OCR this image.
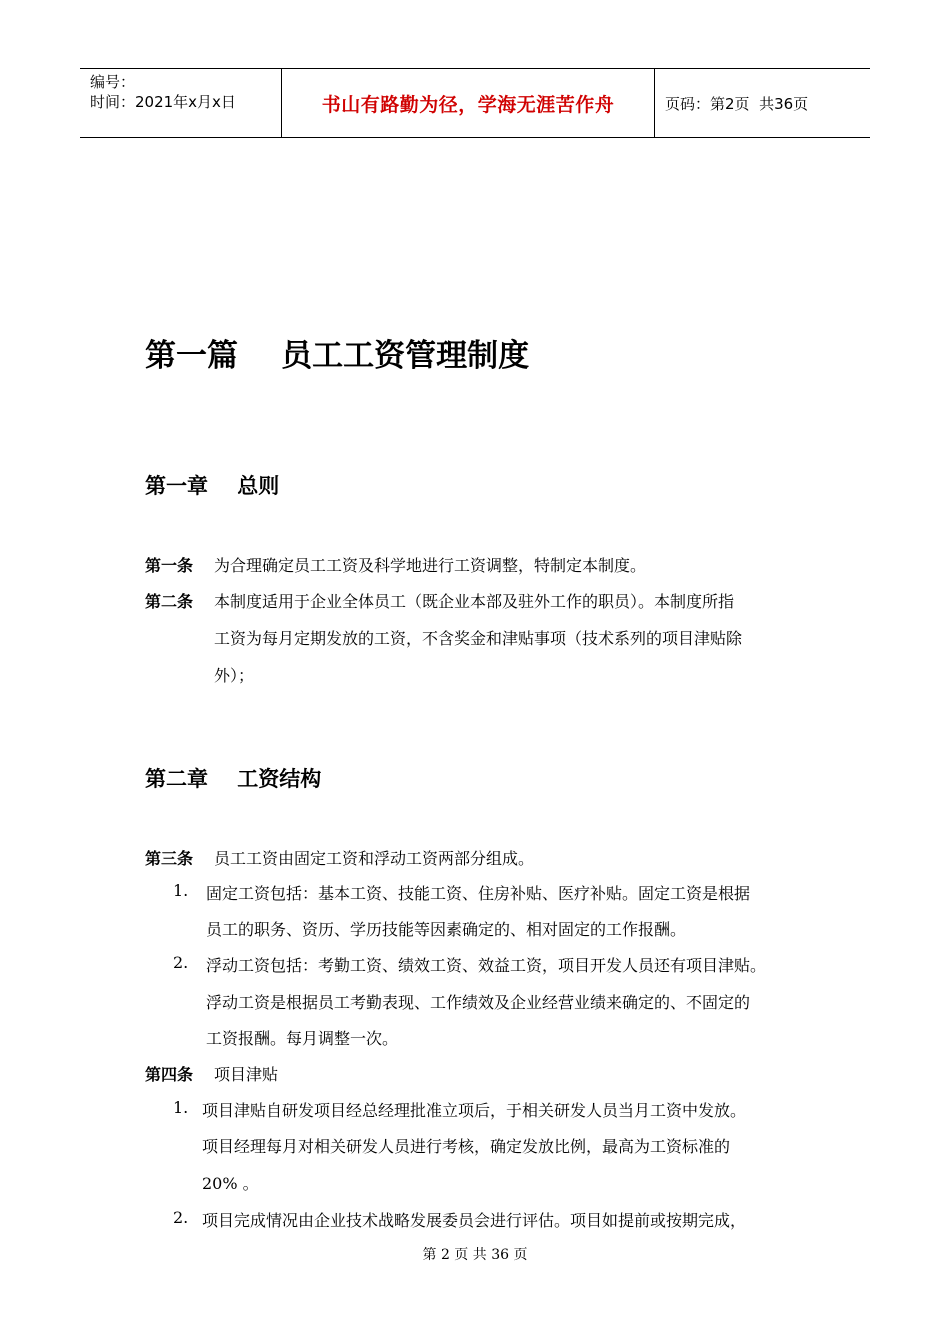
编号：
时间：2021年x月x日	书山有路勤为径，学海无涯苦作舟	页码：第2页  共36页
第一篇    员工工资管理制度
第一章    总则
第一条 为合理确定员工工资及科学地进行工资调整，特制定本制度。
第二条 本制度适用于企业全体员工（既企业本部及驻外工作的职员）。本制度所指
工资为每月定期发放的工资，不含奖金和津贴事项（技术系列的项目津贴除
外）；
第二章    工资结构
第三条 员工工资由固定工资和浮动工资两部分组成。
1. 固定工资包括：基本工资、技能工资、住房补贴、医疗补贴。固定工资是根据
员工的职务、资历、学历技能等因素确定的、相对固定的工作报酬。
2. 浮动工资包括：考勤工资、绩效工资、效益工资，项目开发人员还有项目津贴。
浮动工资是根据员工考勤表现、工作绩效及企业经营业绩来确定的、不固定的
工资报酬。每月调整一次。
第四条 项目津贴
1. 项目津贴自研发项目经总经理批准立项后，于相关研发人员当月工资中发放。
项目经理每月对相关研发人员进行考核，确定发放比例，最高为工资标准的
20% 。
2. 项目完成情况由企业技术战略发展委员会进行评估。项目如提前或按期完成，
第 2 页 共 36 页
